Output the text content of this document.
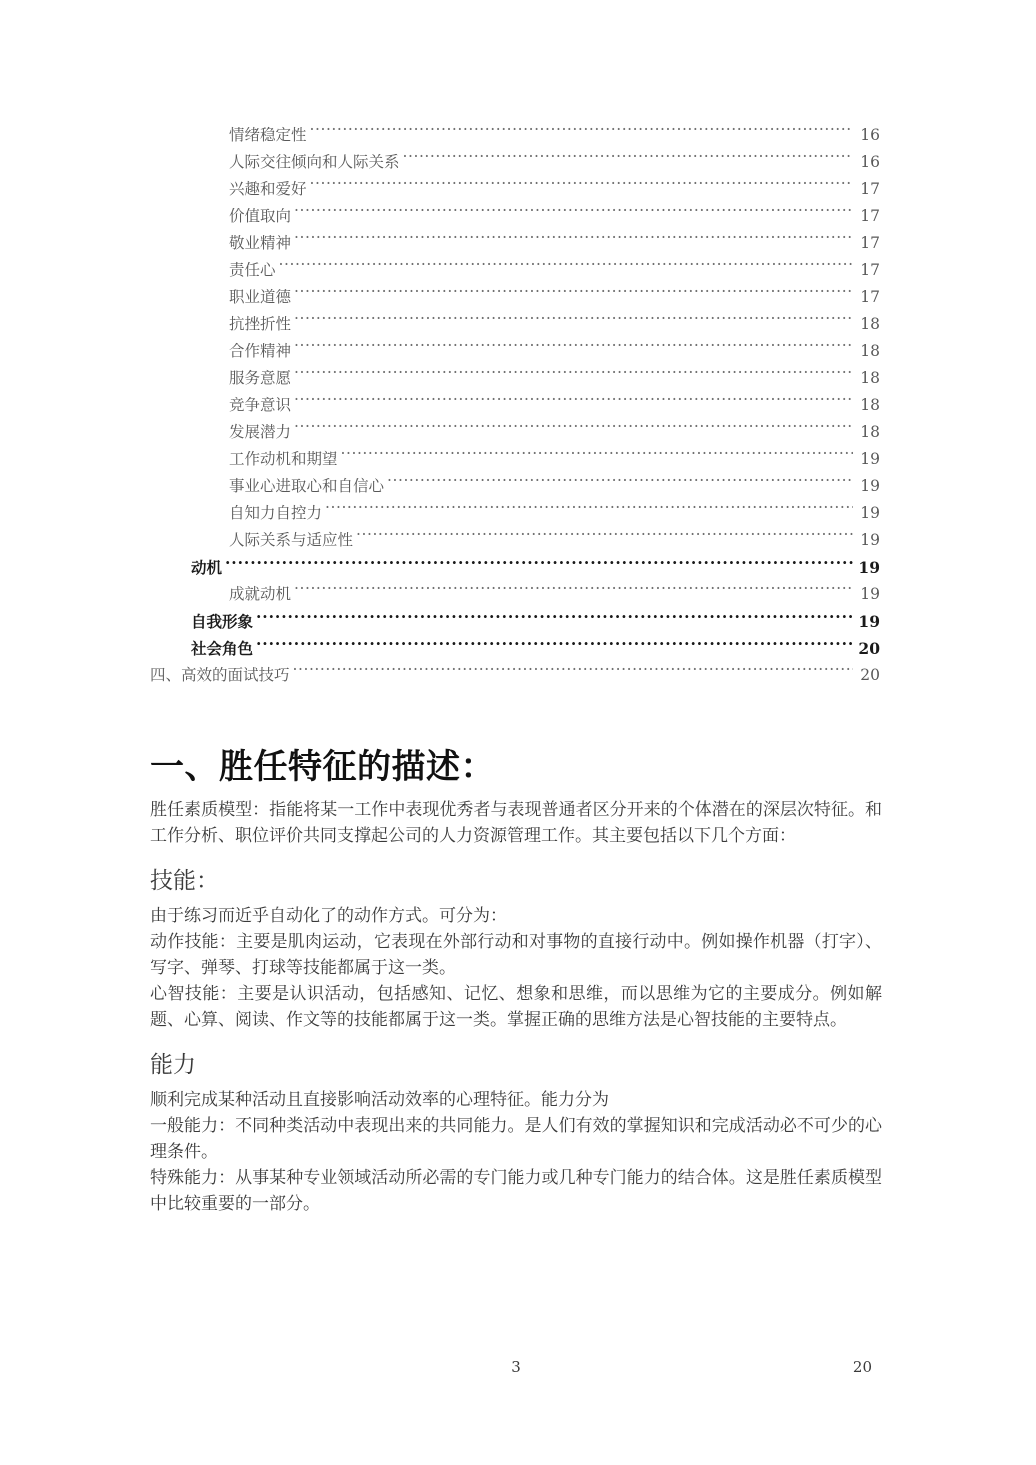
情绪稳定性 .....	16
人际交往倾向和人际关系 .....	16
兴趣和爱好 .....	17
价值取向 .....	17
敬业精神 .....	17
责任心 .....	17
职业道德 .....	17
抗挫折性 .....	18
合作精神 .....	18
服务意愿 .....	18
竞争意识 .....	18
发展潜力 .....	18
工作动机和期望 .....	19
事业心进取心和自信心 .....	19
自知力自控力 .....	19
人际关系与适应性 .....	19
动机 .....	19
成就动机 .....	19
自我形象 .....	19
社会角色 .....	20
四、高效的面试技巧 .....	20
一、胜任特征的描述：

胜任素质模型：指能将某一工作中表现优秀者与表现普通者区分开来的个体潜在的深层次特征。和工作分析、职位评价共同支撑起公司的人力资源管理工作。其主要包括以下几个方面：

技能：

由于练习而近乎自动化了的动作方式。可分为：

动作技能：主要是肌肉运动，它表现在外部行动和对事物的直接行动中。例如操作机器（打字）、写字、弹琴、打球等技能都属于这一类。

心智技能：主要是认识活动，包括感知、记忆、想象和思维，而以思维为它的主要成分。例如解题、心算、阅读、作文等的技能都属于这一类。掌握正确的思维方法是心智技能的主要特点。

能力

顺利完成某种活动且直接影响活动效率的心理特征。能力分为

一般能力：不同种类活动中表现出来的共同能力。是人们有效的掌握知识和完成活动必不可少的心理条件。

特殊能力：从事某种专业领域活动所必需的专门能力或几种专门能力的结合体。这是胜任素质模型中比较重要的一部分。

3	20
